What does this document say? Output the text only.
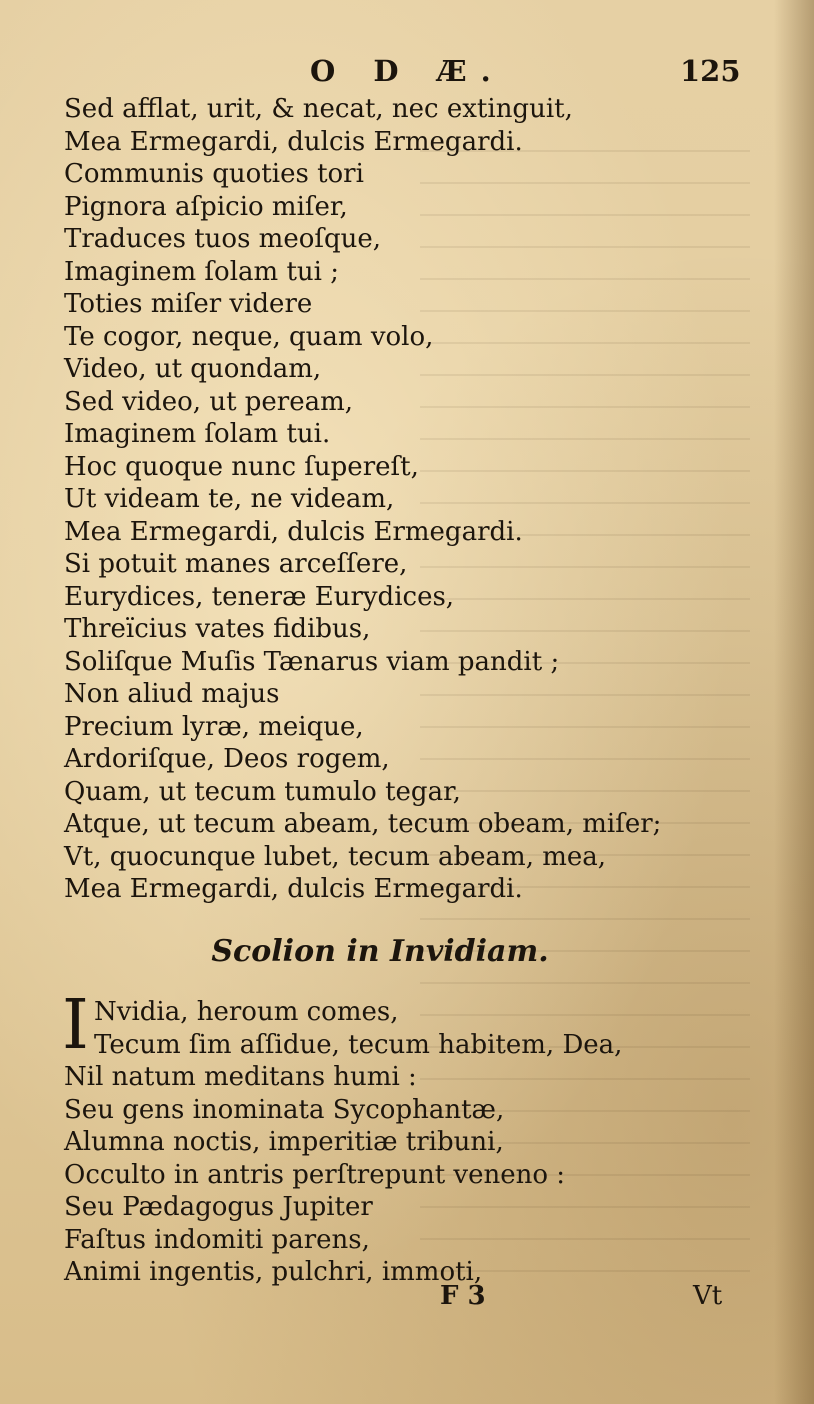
O D Æ.	125
Sed afflat, urit, & necat, nec extinguit,
Mea Ermegardi, dulcis Ermegardi.
Communis quoties tori
Pignora aſpicio miſer,
Traduces tuos meoſque,
Imaginem ſolam tui ;
Toties miſer videre
Te cogor, neque, quam volo,
Video, ut quondam,
Sed video, ut peream,
Imaginem ſolam tui.
Hoc quoque nunc ſupereſt,
Ut videam te, ne videam,
Mea Ermegardi, dulcis Ermegardi.
Si potuit manes arceſſere,
Eurydices, teneræ Eurydices,
Threïcius vates fidibus,
Soliſque Muſis Tænarus viam pandit ;
Non aliud majus
Precium lyræ, meique,
Ardoriſque, Deos rogem,
Quam, ut tecum tumulo tegar,
Atque, ut tecum abeam, tecum obeam, miſer;
Vt, quocunque lubet, tecum abeam, mea,
Mea Ermegardi, dulcis Ermegardi.
Scolion in Invidiam.
I Nvidia, heroum comes,
Tecum ſim aſſidue, tecum habitem, Dea,
Nil natum meditans humi :
Seu gens inominata Sycophantæ,
Alumna noctis, imperitiæ tribuni,
Occulto in antris perſtrepunt veneno :
Seu Pædagogus Jupiter
Faſtus indomiti parens,
Animi ingentis, pulchri, immoti,
F 3	Vt
